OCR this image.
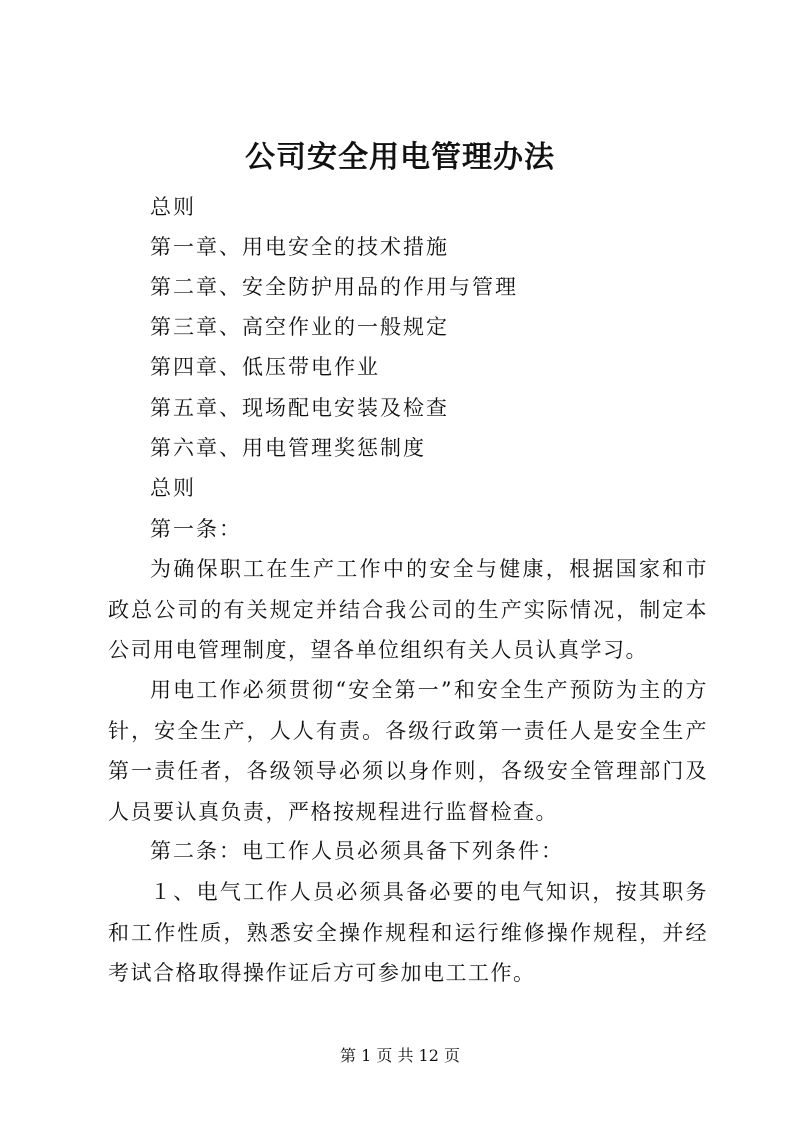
公司安全用电管理办法
总则
第一章、用电安全的技术措施
第二章、安全防护用品的作用与管理
第三章、高空作业的一般规定
第四章、低压带电作业
第五章、现场配电安装及检查
第六章、用电管理奖惩制度
总则
第一条：

为确保职工在生产工作中的安全与健康，根据国家和市政总公司的有关规定并结合我公司的生产实际情况，制定本公司用电管理制度，望各单位组织有关人员认真学习。

用电工作必须贯彻“安全第一”和安全生产预防为主的方针，安全生产，人人有责。各级行政第一责任人是安全生产第一责任者，各级领导必须以身作则，各级安全管理部门及人员要认真负责，严格按规程进行监督检查。

第二条：电工作人员必须具备下列条件：

１、电气工作人员必须具备必要的电气知识，按其职务和工作性质，熟悉安全操作规程和运行维修操作规程，并经考试合格取得操作证后方可参加电工工作。

第 1 页 共 12 页
